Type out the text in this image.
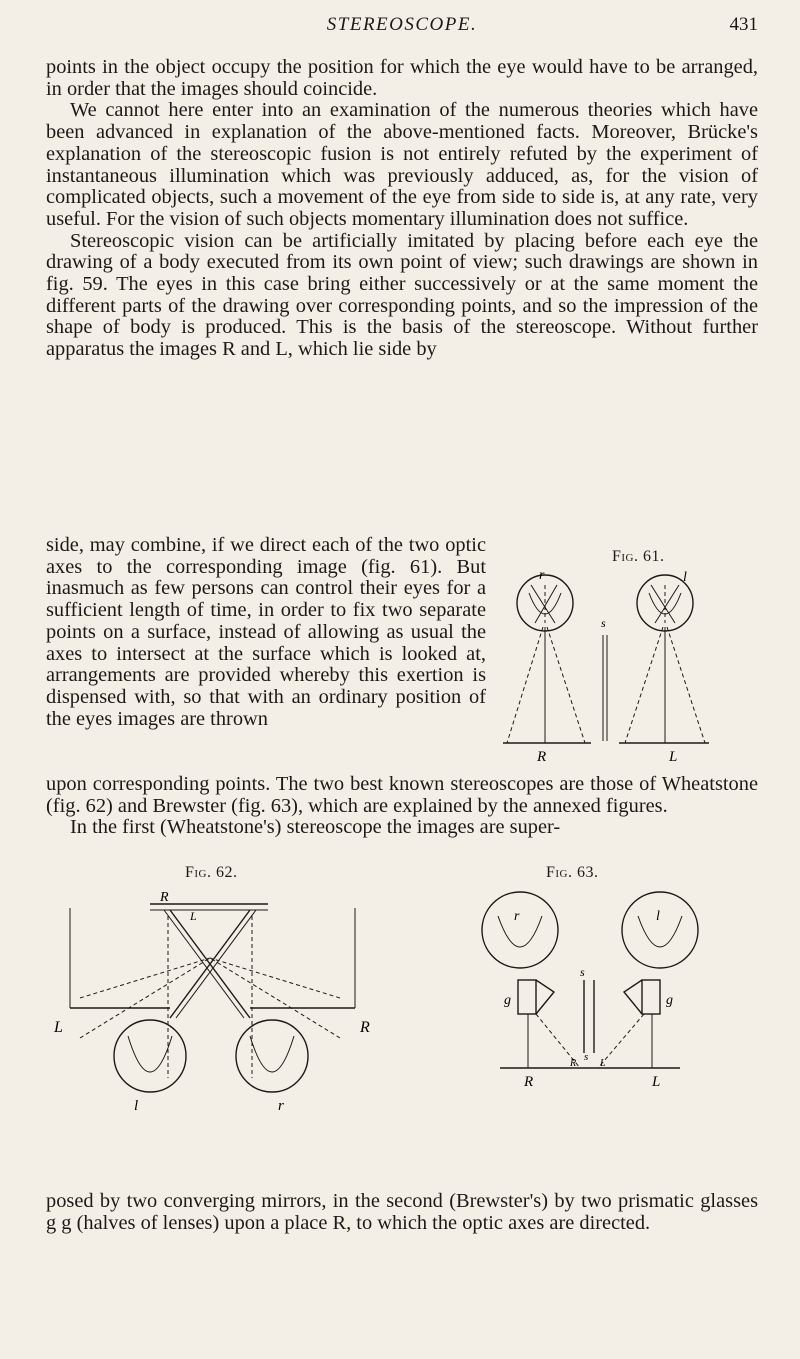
STEREOSCOPE.	431

points in the object occupy the position for which the eye would have to be arranged, in order that the images should coincide.

We cannot here enter into an examination of the numerous theories which have been advanced in explanation of the above-mentioned facts. Moreover, Brücke's explanation of the stereoscopic fusion is not entirely refuted by the experiment of instantaneous illumination which was previously adduced, as, for the vision of complicated objects, such a movement of the eye from side to side is, at any rate, very useful. For the vision of such objects momentary illumination does not suffice.

Stereoscopic vision can be artificially imitated by placing before each eye the drawing of a body executed from its own point of view; such drawings are shown in fig. 59. The eyes in this case bring either successively or at the same moment the different parts of the drawing over corresponding points, and so the impression of the shape of body is produced. This is the basis of the stereoscope. Without further apparatus the images R and L, which lie side by

side, may combine, if we direct each of the two optic axes to the corresponding image (fig. 61). But inasmuch as few persons can control their eyes for a sufficient length of time, in order to fix two separate points on a surface, instead of allowing as usual the axes to intersect at the surface which is looked at, arrangements are provided whereby this exertion is dispensed with, so that with an ordinary position of the eyes images are thrown

Fig. 61.
r	l
s
R	L

upon corresponding points. The two best known stereoscopes are those of Wheatstone (fig. 62) and Brewster (fig. 63), which are explained by the annexed figures.

In the first (Wheatstone's) stereoscope the images are super-

Fig. 62.
R
L
L	R
l	r
Fig. 63.
r	l
g	g
s
s
R L
R	L

posed by two converging mirrors, in the second (Brewster's) by two prismatic glasses g g (halves of lenses) upon a place R, to which the optic axes are directed.
